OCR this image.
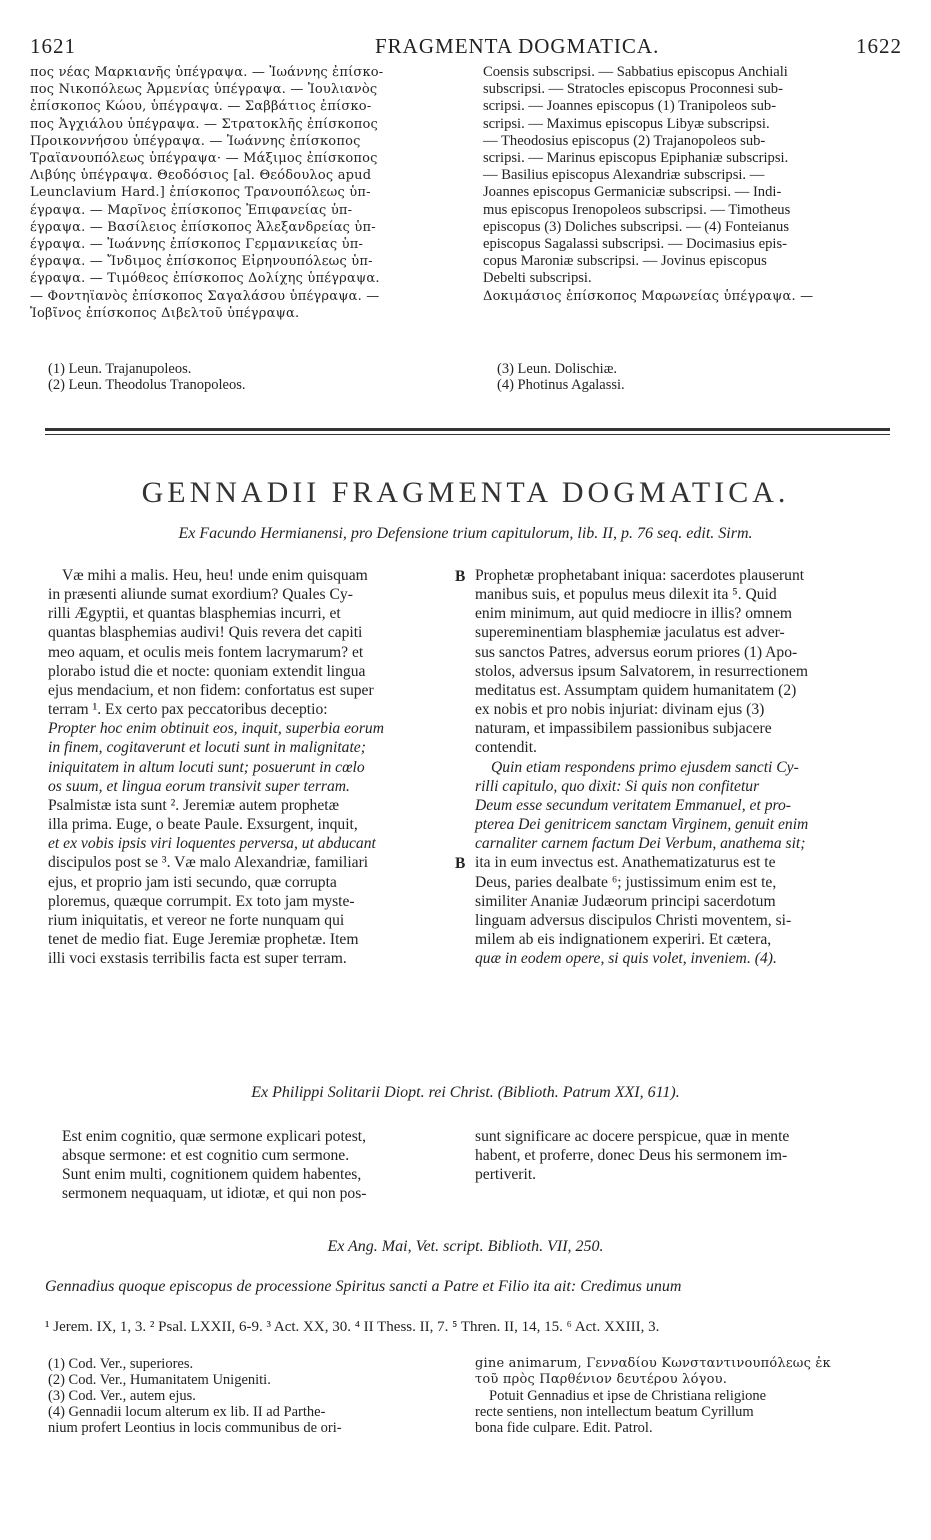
1621	FRAGMENTA DOGMATICA.	1622

πος νέας Μαρκιανῆς ὑπέγραψα. — Ἰωάννης ἐπίσκο-

πος Νικοπόλεως Ἀρμενίας ὑπέγραψα. — Ἰουλιανὸς

ἐπίσκοπος Κώου, ὑπέγραψα. — Σαββάτιος ἐπίσκο-

πος Ἀγχιάλου ὑπέγραψα. — Στρατοκλῆς ἐπίσκοπος

Προικοννήσου ὑπέγραψα. — Ἰωάννης ἐπίσκοπος

Τραϊανουπόλεως ὑπέγραψα· — Μάξιμος ἐπίσκοπος

Λιβύης ὑπέγραψα. Θεοδόσιος [al. Θεόδουλος apud

Leunclavium Hard.] ἐπίσκοπος Τρανουπόλεως ὑπ-

έγραψα. — Μαρῖνος ἐπίσκοπος Ἐπιφανείας ὑπ-

έγραψα. — Βασίλειος ἐπίσκοπος Ἀλεξανδρείας ὑπ-

έγραψα. — Ἰωάννης ἐπίσκοπος Γερμανικείας ὑπ-

έγραψα. — Ἴνδιμος ἐπίσκοπος Εἰρηνουπόλεως ὑπ-

έγραψα. — Τιμόθεος ἐπίσκοπος Δολίχης ὑπέγραψα.

— Φοντηϊανὸς ἐπίσκοπος Σαγαλάσου ὑπέγραψα. —

Ἰοβῖνος ἐπίσκοπος Διβελτοῦ ὑπέγραψα.

Coensis subscripsi. — Sabbatius episcopus Anchiali

subscripsi. — Stratocles episcopus Proconnesi sub-

scripsi. — Joannes episcopus (1) Tranipoleos sub-

scripsi. — Maximus episcopus Libyæ subscripsi.

— Theodosius episcopus (2) Trajanopoleos sub-

scripsi. — Marinus episcopus Epiphaniæ subscripsi.

— Basilius episcopus Alexandriæ subscripsi. —

Joannes episcopus Germaniciæ subscripsi. — Indi-

mus episcopus Irenopoleos subscripsi. — Timotheus

episcopus (3) Doliches subscripsi. — (4) Fonteianus

episcopus Sagalassi subscripsi. — Docimasius epis-

copus Maroniæ subscripsi. — Jovinus episcopus

Debelti subscripsi.

Δοκιμάσιος ἐπίσκοπος Μαρωνείας ὑπέγραψα. —

(1) Leun. Trajanupoleos.
(2) Leun. Theodolus Tranopoleos.
(3) Leun. Dolischiæ.
(4) Photinus Agalassi.
GENNADII FRAGMENTA DOGMATICA.
Ex Facundo Hermianensi, pro Defensione trium capitulorum, lib. II, p. 76 seq. edit. Sirm.
Væ mihi a malis. Heu, heu! unde enim quisquam
in præsenti aliunde sumat exordium? Quales Cy-
rilli Ægyptii, et quantas blasphemias incurri, et
quantas blasphemias audivi! Quis revera det capiti
meo aquam, et oculis meis fontem lacrymarum? et
plorabo istud die et nocte: quoniam extendit lingua
ejus mendacium, et non fidem: confortatus est super
terram ¹. Ex certo pax peccatoribus deceptio:
Propter hoc enim obtinuit eos, inquit, superbia eorum
in finem, cogitaverunt et locuti sunt in malignitate;
iniquitatem in altum locuti sunt; posuerunt in cœlo
os suum, et lingua eorum transivit super terram.
Psalmistæ ista sunt ². Jeremiæ autem prophetæ
illa prima. Euge, o beate Paule. Exsurgent, inquit,
et ex vobis ipsis viri loquentes perversa, ut abducant
discipulos post se ³. Væ malo Alexandriæ, familiari
ejus, et proprio jam isti secundo, quæ corrupta
ploremus, quæque corrumpit. Ex toto jam myste-
rium iniquitatis, et vereor ne forte nunquam qui
tenet de medio fiat. Euge Jeremiæ prophetæ. Item
illi voci exstasis terribilis facta est super terram.
B
B
Prophetæ prophetabant iniqua: sacerdotes plauserunt
manibus suis, et populus meus dilexit ita ⁵. Quid
enim minimum, aut quid mediocre in illis? omnem
supereminentiam blasphemiæ jaculatus est adver-
sus sanctos Patres, adversus eorum priores (1) Apo-
stolos, adversus ipsum Salvatorem, in resurrectionem
meditatus est. Assumptam quidem humanitatem (2)
ex nobis et pro nobis injuriat: divinam ejus (3)
naturam, et impassibilem passionibus subjacere
contendit.
Quin etiam respondens primo ejusdem sancti Cy-
rilli capitulo, quo dixit: Si quis non confitetur
Deum esse secundum veritatem Emmanuel, et pro-
pterea Dei genitricem sanctam Virginem, genuit enim
carnaliter carnem factum Dei Verbum, anathema sit;
ita in eum invectus est. Anathematizaturus est te
Deus, paries dealbate ⁶; justissimum enim est te,
similiter Ananiæ Judæorum principi sacerdotum
linguam adversus discipulos Christi moventem, si-
milem ab eis indignationem experiri. Et cætera,
quæ in eodem opere, si quis volet, invenieт. (4).
Ex Philippi Solitarii Diopt. rei Christ. (Biblioth. Patrum XXI, 611).
Est enim cognitio, quæ sermone explicari potest,
absque sermone: et est cognitio cum sermone.
Sunt enim multi, cognitionem quidem habentes,
sermonem nequaquam, ut idiotæ, et qui non pos-
sunt significare ac docere perspicue, quæ in mente
habent, et proferre, donec Deus his sermonem im-
pertiverit.
Ex Ang. Mai, Vet. script. Biblioth. VII, 250.
Gennadius quoque episcopus de processione Spiritus sancti a Patre et Filio ita ait: Credimus unum
¹ Jerem. IX, 1, 3. ² Psal. LXXII, 6-9. ³ Act. XX, 30. ⁴ II Thess. II, 7. ⁵ Thren. II, 14, 15. ⁶ Act. XXIII, 3.
(1) Cod. Ver., superiores.
(2) Cod. Ver., Humanitatem Unigeniti.
(3) Cod. Ver., autem ejus.
(4) Gennadii locum alterum ex lib. II ad Parthe-
nium profert Leontius in locis communibus de ori-
gine animarum, Γενναδίου Κωνσταντινουπόλεως ἐκ
τοῦ πρὸς Παρθένιον δευτέρου λόγου.
Potuit Gennadius et ipse de Christiana religione
recte sentiens, non intellectum beatum Cyrillum
bona fide culpare. Edit. Patrol.
